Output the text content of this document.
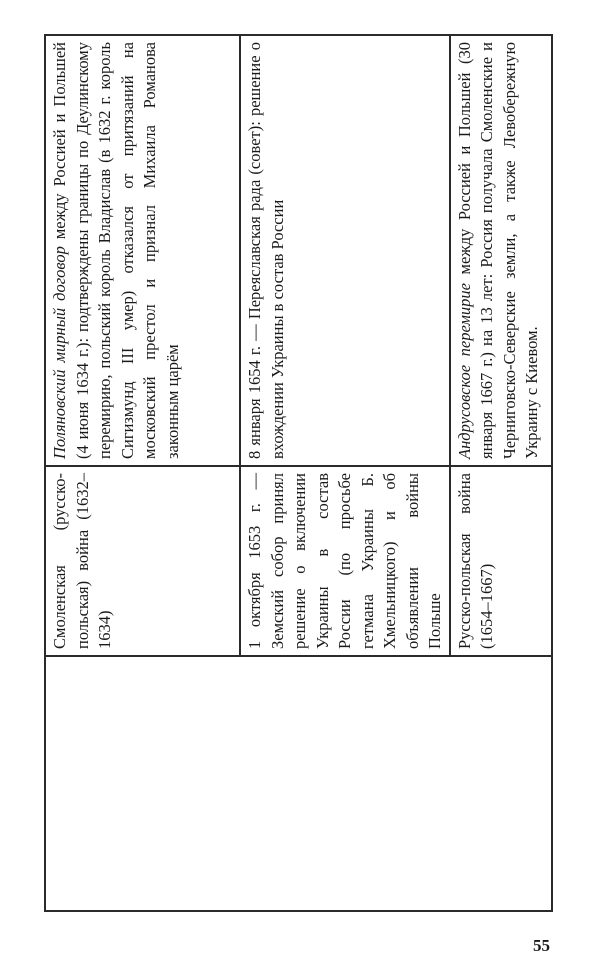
	Смоленская (русско-польская) война (1632–1634)	Поляновский мирный договор между Россией и Польшей (4 июня 1634 г.): подтверждены границы по Деулинскому перемирию, польский король Владислав (в 1632 г. король Сигизмунд III умер) отказался от притязаний на московский престол и признал Михаила Романова законным царём
	1 октября 1653 г. — Земский собор принял решение о включении Украины в состав России (по просьбе гетмана Украины Б. Хмельницкого) и об объявлении войны Польше	8 января 1654 г. — Переяславская рада (совет): решение о вхождении Украины в состав России
	Русско-польская война (1654–1667)	Андрусовское перемирие между Россией и Польшей (30 января 1667 г.) на 13 лет: Россия получала Смоленские и Черниговско-Северские земли, а также Левобережную Украину с Киевом.
55
